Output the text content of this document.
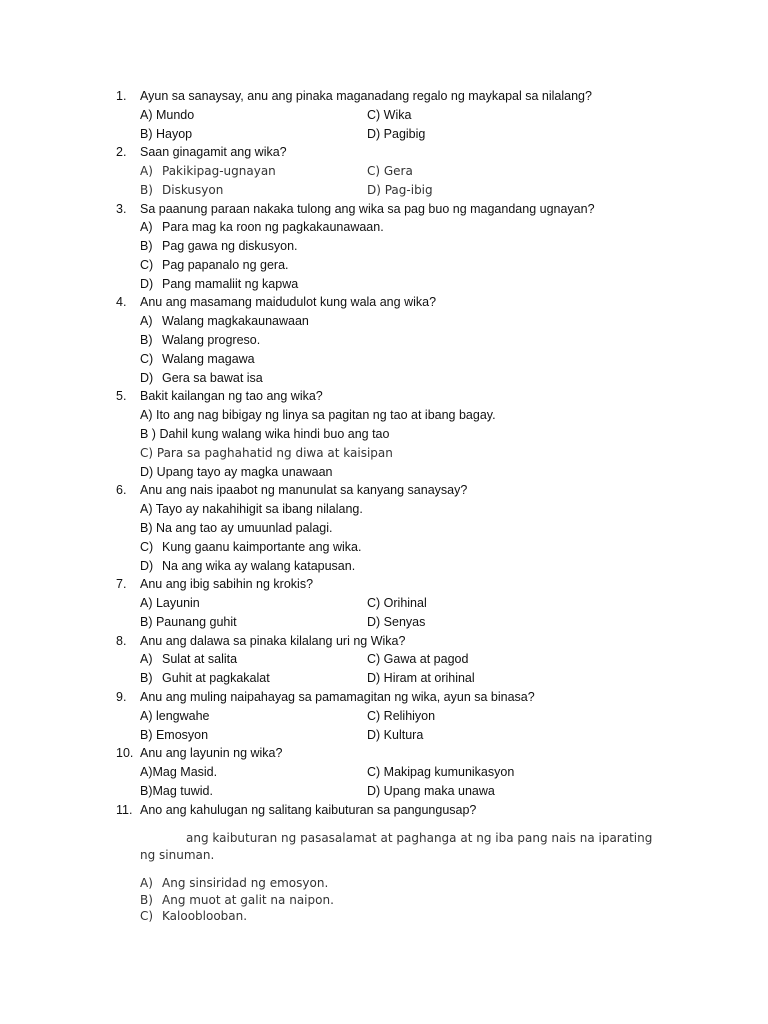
1. Ayun sa sanaysay, anu ang pinaka maganadang regalo ng maykapal sa nilalang?
A) Mundo	C) Wika
B) Hayop	D) Pagibig
2. Saan ginagamit ang wika?
A) Pakikipag-ugnayan	C) Gera
B) Diskusyon	D) Pag-ibig
3. Sa paanung paraan nakaka tulong ang wika sa pag buo ng magandang ugnayan?
A) Para mag ka roon ng pagkakaunawaan.
B) Pag gawa ng diskusyon.
C) Pag papanalo ng gera.
D) Pang mamaliit ng kapwa
4. Anu ang masamang maidudulot kung wala ang wika?
A) Walang magkakaunawaan
B) Walang progreso.
C) Walang magawa
D) Gera sa bawat isa
5. Bakit kailangan ng tao ang wika?
A) Ito ang nag bibigay ng linya sa pagitan ng tao at ibang bagay.
B ) Dahil kung walang wika hindi buo ang tao
C) Para sa paghahatid ng diwa at kaisipan
D) Upang tayo ay magka unawaan
6. Anu ang nais ipaabot ng manunulat sa kanyang sanaysay?
A) Tayo ay nakahihigit sa ibang nilalang.
B) Na ang tao ay umuunlad palagi.
C) Kung gaanu kaimportante ang wika.
D) Na ang wika ay walang katapusan.
7. Anu ang ibig sabihin ng krokis?
A) Layunin	C) Orihinal
B) Paunang guhit	D) Senyas
8. Anu ang dalawa sa pinaka kilalang uri ng Wika?
A) Sulat at salita	C) Gawa at pagod
B) Guhit at pagkakalat	D) Hiram at orihinal
9. Anu ang muling naipahayag sa pamamagitan ng wika, ayun sa binasa?
A) lengwahe	C) Relihiyon
B) Emosyon	D) Kultura
10. Anu ang layunin ng wika?
A)Mag Masid.	C) Makipag kumunikasyon
B)Mag tuwid.	D) Upang maka unawa
11. Ano ang kahulugan ng salitang kaibuturan sa pangungusap?
ang kaibuturan ng pasasalamat at paghanga at ng iba pang nais na iparating
ng sinuman.
A) Ang sinsiridad ng emosyon.
B) Ang muot at galit na naipon.
C) Kalooblooban.
